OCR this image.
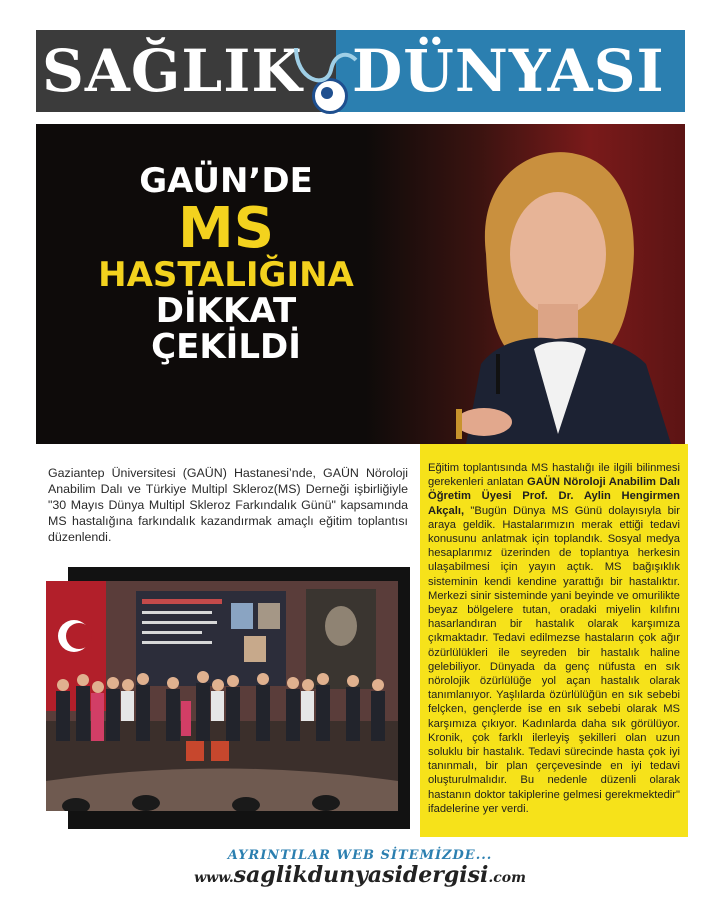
SAĞLIK DÜNYASI
GAÜN’DE
MS
HASTALIĞINA
DİKKAT
ÇEKİLDİ
Gaziantep Üniversitesi (GAÜN) Hastanesi’nde, GAÜN Nöroloji Anabilim Dalı ve Türkiye Multipl Skleroz(MS) Derneği işbirliğiyle "30 Mayıs Dünya Multipl Skleroz Farkındalık Günü" kapsamında MS hastalığına farkındalık kazandırmak amaçlı eğitim toplantısı düzenlendi.
Eğitim toplantısında MS hastalığı ile ilgili bilinmesi gerekenleri anlatan GAÜN Nöroloji Anabilim Dalı Öğretim Üyesi Prof. Dr. Aylin Hengirmen Akçalı, "Bugün Dünya MS Günü dolayısıyla bir araya geldik. Hastalarımızın merak ettiği tedavi konusunu anlatmak için toplandık. Sosyal medya hesaplarımız üzerinden de toplantıya herkesin ulaşabilmesi için yayın açtık. MS bağışıklık sisteminin kendi kendine yarattığı bir hastalıktır. Merkezi sinir sisteminde yani beyinde ve omurilikte beyaz bölgelere tutan, oradaki miyelin kılıfını hasarlandıran bir hastalık olarak karşımıza çıkmaktadır. Tedavi edilmezse hastaların çok ağır özürlülükleri ile seyreden bir hastalık haline gelebiliyor. Dünyada da genç nüfusta en sık nörolojik özürlülüğe yol açan hastalık olarak tanımlanıyor. Yaşlılarda özürlülüğün en sık sebebi felçken, gençlerde ise en sık sebebi olarak MS karşımıza çıkıyor. Kadınlarda daha sık görülüyor. Kronik, çok farklı ilerleyiş şekilleri olan uzun soluklu bir hastalık. Tedavi sürecinde hasta çok iyi tanınmalı, bir plan çerçevesinde en iyi tedavi oluşturulmalıdır. Bu nedenle düzenli olarak hastanın doktor takiplerine gelmesi gerekmektedir" ifadelerine yer verdi.
AYRINTILAR WEB SİTEMİZDE...
www.saglikdunyasidergisi.com
